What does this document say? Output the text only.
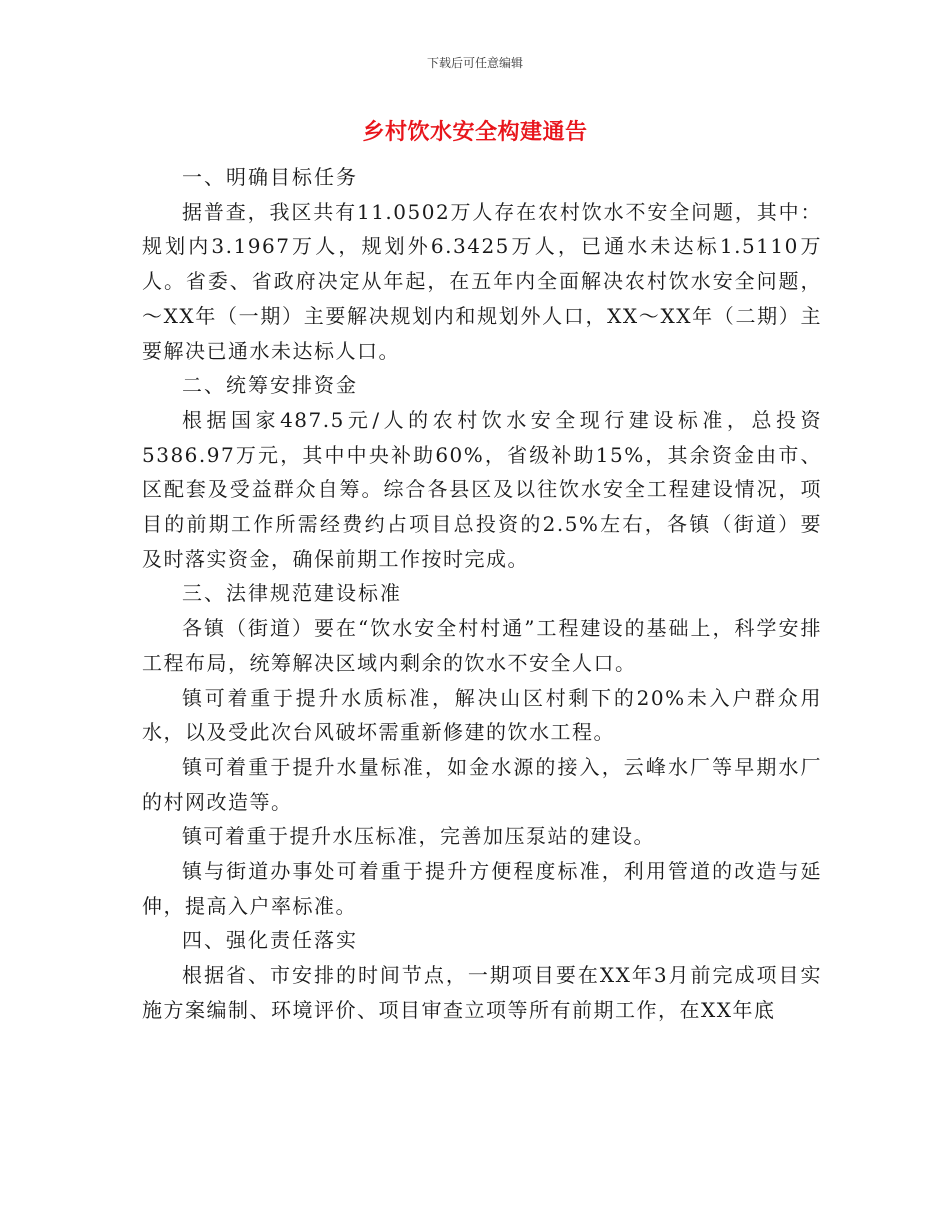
下载后可任意编辑
乡村饮水安全构建通告

一、明确目标任务

据普查，我区共有11.0502万人存在农村饮水不安全问题，其中：规划内3.1967万人，规划外6.3425万人，已通水未达标1.5110万人。省委、省政府决定从年起，在五年内全面解决农村饮水安全问题，～XX年（一期）主要解决规划内和规划外人口，XX～XX年（二期）主要解决已通水未达标人口。

二、统筹安排资金

根据国家487.5元/人的农村饮水安全现行建设标准，总投资5386.97万元，其中中央补助60%，省级补助15%，其余资金由市、区配套及受益群众自筹。综合各县区及以往饮水安全工程建设情况，项目的前期工作所需经费约占项目总投资的2.5%左右，各镇（街道）要及时落实资金，确保前期工作按时完成。

三、法律规范建设标准

各镇（街道）要在“饮水安全村村通”工程建设的基础上，科学安排工程布局，统筹解决区域内剩余的饮水不安全人口。

镇可着重于提升水质标准，解决山区村剩下的20%未入户群众用水，以及受此次台风破坏需重新修建的饮水工程。

镇可着重于提升水量标准，如金水源的接入，云峰水厂等早期水厂的村网改造等。

镇可着重于提升水压标准，完善加压泵站的建设。

镇与街道办事处可着重于提升方便程度标准，利用管道的改造与延伸，提高入户率标准。

四、强化责任落实

根据省、市安排的时间节点，一期项目要在XX年3月前完成项目实施方案编制、环境评价、项目审查立项等所有前期工作，在XX年底
